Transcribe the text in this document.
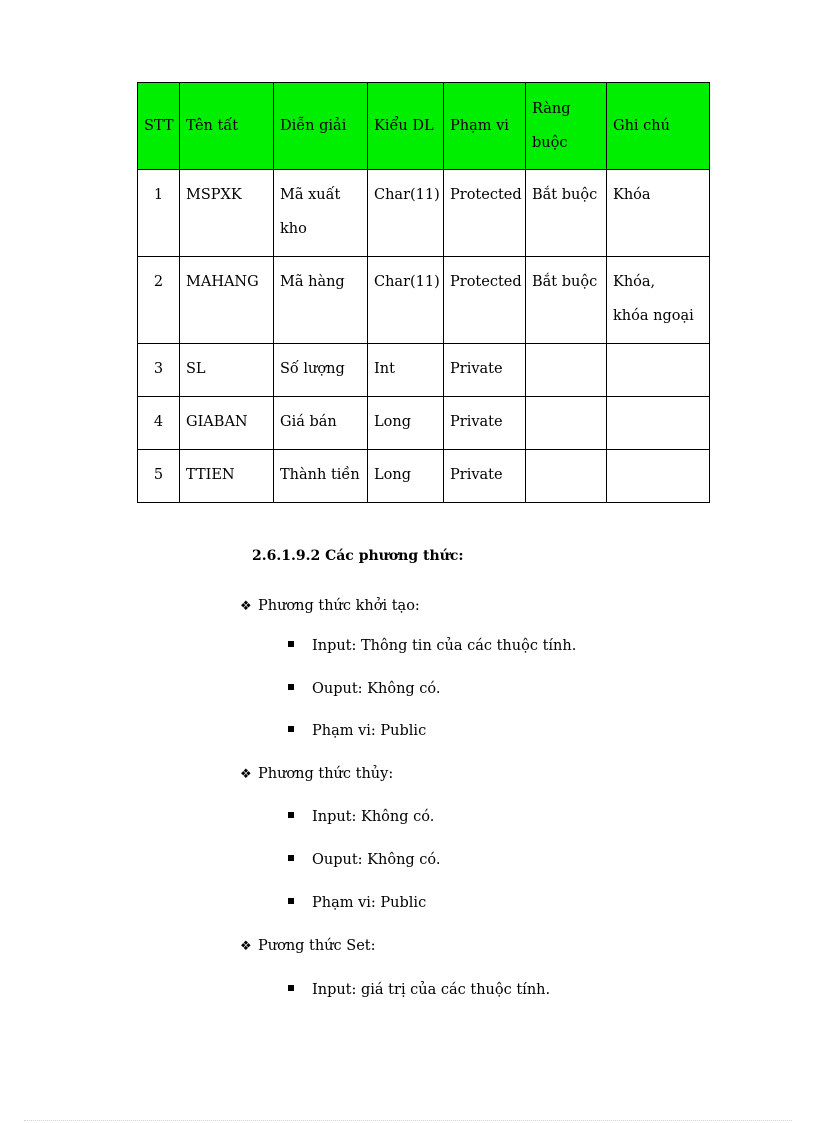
STT	Tên tất	Diễn giải	Kiểu DL	Phạm vi	Ràng buộc	Ghi chú
1	MSPXK	Mã xuất kho	Char(11)	Protected	Bắt buộc	Khóa
2	MAHANG	Mã hàng	Char(11)	Protected	Bắt buộc	Khóa,
khóa ngoại
3	SL	Số lượng	Int	Private		
4	GIABAN	Giá bán	Long	Private		
5	TTIEN	Thành tiền	Long	Private		
2.6.1.9.2 Các phương thức:
❖ Phương thức khởi tạo:
Input: Thông tin của các thuộc tính.
Ouput: Không có.
Phạm vi: Public
❖ Phương thức thủy:
Input: Không có.
Ouput: Không có.
Phạm vi: Public
❖ Pương thức Set:
Input: giá trị của các thuộc tính.
